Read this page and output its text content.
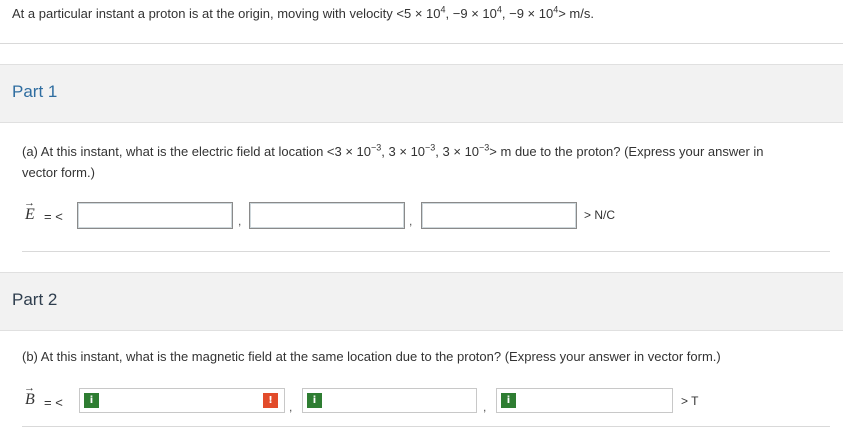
At a particular instant a proton is at the origin, moving with velocity $<5 \times 10^4$, $-9 \times 10^4$, $-9 \times 10^4> m/s$.
Part 1
(a) At this instant, what is the electric field at location $<3 \times 10^{-3}$, $3 \times 10^{-3}$, $3 \times 10^{-3}> m$ due to the proton? (Express your answer in
vector form.)
→
E = <	,	,	> N/C
Part 2
(b) At this instant, what is the magnetic field at the same location due to the proton? (Express your answer in vector form.)
→
B = <	i	!	,	i	,	i	> T
